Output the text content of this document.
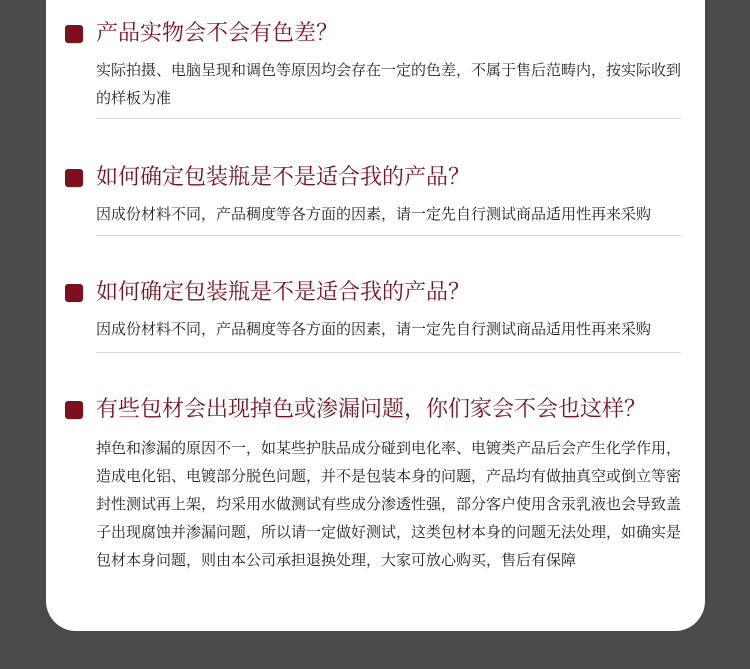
产品实物会不会有色差？
实际拍摄、电脑呈现和调色等原因均会存在一定的色差，不属于售后范畴内，按实际收到的样板为准
如何确定包装瓶是不是适合我的产品？
因成份材料不同，产品稠度等各方面的因素，请一定先自行测试商品适用性再来采购
如何确定包装瓶是不是适合我的产品？
因成份材料不同，产品稠度等各方面的因素，请一定先自行测试商品适用性再来采购
有些包材会出现掉色或渗漏问题，你们家会不会也这样？
掉色和渗漏的原因不一，如某些护肤品成分碰到电化率、电镀类产品后会产生化学作用，造成电化铝、电镀部分脱色问题，并不是包装本身的问题，产品均有做抽真空或倒立等密封性测试再上架，均采用水做测试有些成分渗透性强，部分客户使用含汞乳液也会导致盖子出现腐蚀并渗漏问题，所以请一定做好测试，这类包材本身的问题无法处理，如确实是包材本身问题，则由本公司承担退换处理，大家可放心购买，售后有保障
